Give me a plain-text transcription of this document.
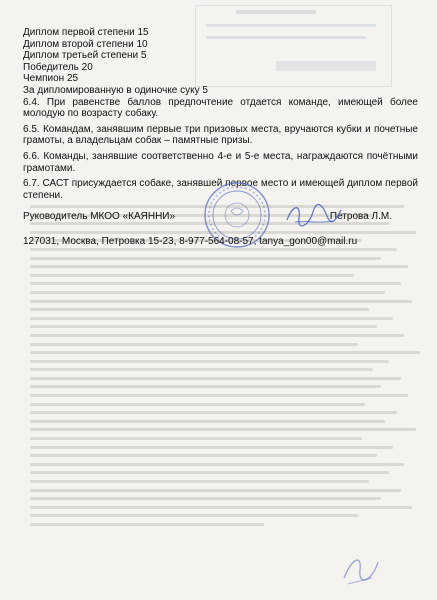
Диплом первой степени 15
Диплом второй степени 10
Диплом третьей степени 5
Победитель 20
Чемпион 25

За дипломированную в одиночке суку 5

6.4. При равенстве баллов предпочтение отдается команде, имеющей более молодую по возрасту собаку.

6.5. Командам, занявшим первые три призовых места, вручаются кубки и почетные грамоты, а владельцам собак – памятные призы.

6.6. Команды, занявшие соответственно 4-е и 5-е места, награждаются почётными грамотами.

6.7. САСТ присуждается собаке, занявшей первое место и имеющей диплом первой степени.

Руководитель МКОО «КАЯННИ»	Петрова Л.М.
127031, Москва, Петровка 15-23, 8-977-564-08-57, tanya_gon00@mail.ru
